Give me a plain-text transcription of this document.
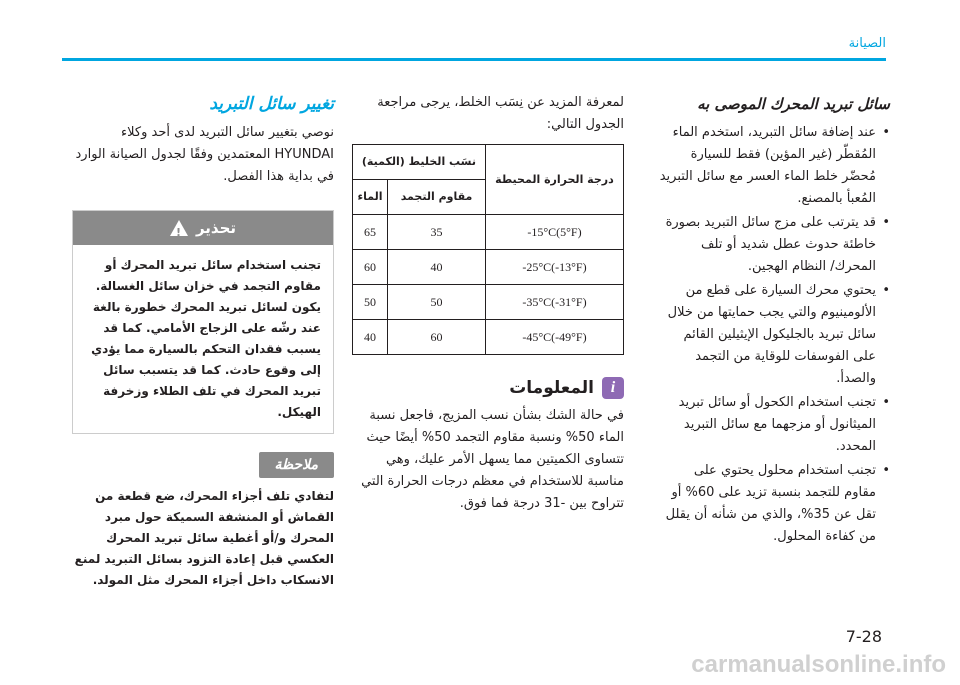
الصيانة
سائل تبريد المحرك الموصى به
• عند إضافة سائل التبريد، استخدم الماء المُقطّر (غير المؤين) فقط للسيارة مُحضّر خلط الماء العسر مع سائل التبريد المُعبأ بالمصنع.
• قد يترتب على مزج سائل التبريد بصورة خاطئة حدوث عطل شديد أو تلف المحرك/ النظام الهجين.
• يحتوي محرك السيارة على قطع من الألومينيوم والتي يجب حمايتها من خلال سائل تبريد بالجليكول الإيثيلين القائم على الفوسفات للوقاية من التجمد والصدأ.
• تجنب استخدام الكحول أو سائل تبريد الميثانول أو مزجهما مع سائل التبريد المحدد.
• تجنب استخدام محلول يحتوي على مقاوم للتجمد بنسبة تزيد على 60% أو تقل عن 35%، والذي من شأنه أن يقلل من كفاءة المحلول.

لمعرفة المزيد عن نِسَب الخلط، يرجى مراجعة الجدول التالي:

درجة الحرارة المحيطة	نسَب الخليط (الكمية)	
	مقاوم التجمد	الماء
-15°C(5°F)	35	65
-25°C(-13°F)	40	60
-35°C(-31°F)	50	50
-45°C(-49°F)	60	40
i
المعلومات

في حالة الشك بشأن نسب المزيج، فاجعل نسبة الماء 50% ونسبة مقاوم التجمد 50% أيضًا حيث تتساوى الكميتين مما يسهل الأمر عليك، وهي مناسبة للاستخدام في معظم درجات الحرارة التي تتراوح بين -31 درجة فما فوق.

تغيير سائل التبريد

نوصي بتغيير سائل التبريد لدى أحد وكلاء HYUNDAI المعتمدين وفقًا لجدول الصيانة الوارد في بداية هذا الفصل.

تحذير
!
تجنب استخدام سائل تبريد المحرك أو مقاوم التجمد في خزان سائل الغسالة. يكون لسائل تبريد المحرك خطورة بالغة عند رشّه على الزجاج الأمامي. كما قد يسبب فقدان التحكم بالسيارة مما يؤدي إلى وقوع حادث. كما قد يتسبب سائل تبريد المحرك في تلف الطلاء وزخرفة الهيكل.
ملاحظة
لتفادي تلف أجزاء المحرك، ضع قطعة من القماش أو المنشفة السميكة حول مبرد المحرك و/أو أغطية سائل تبريد المحرك العكسي قبل إعادة التزود بسائل التبريد لمنع الانسكاب داخل أجزاء المحرك مثل المولد.
7-28
carmanualsonline.info
